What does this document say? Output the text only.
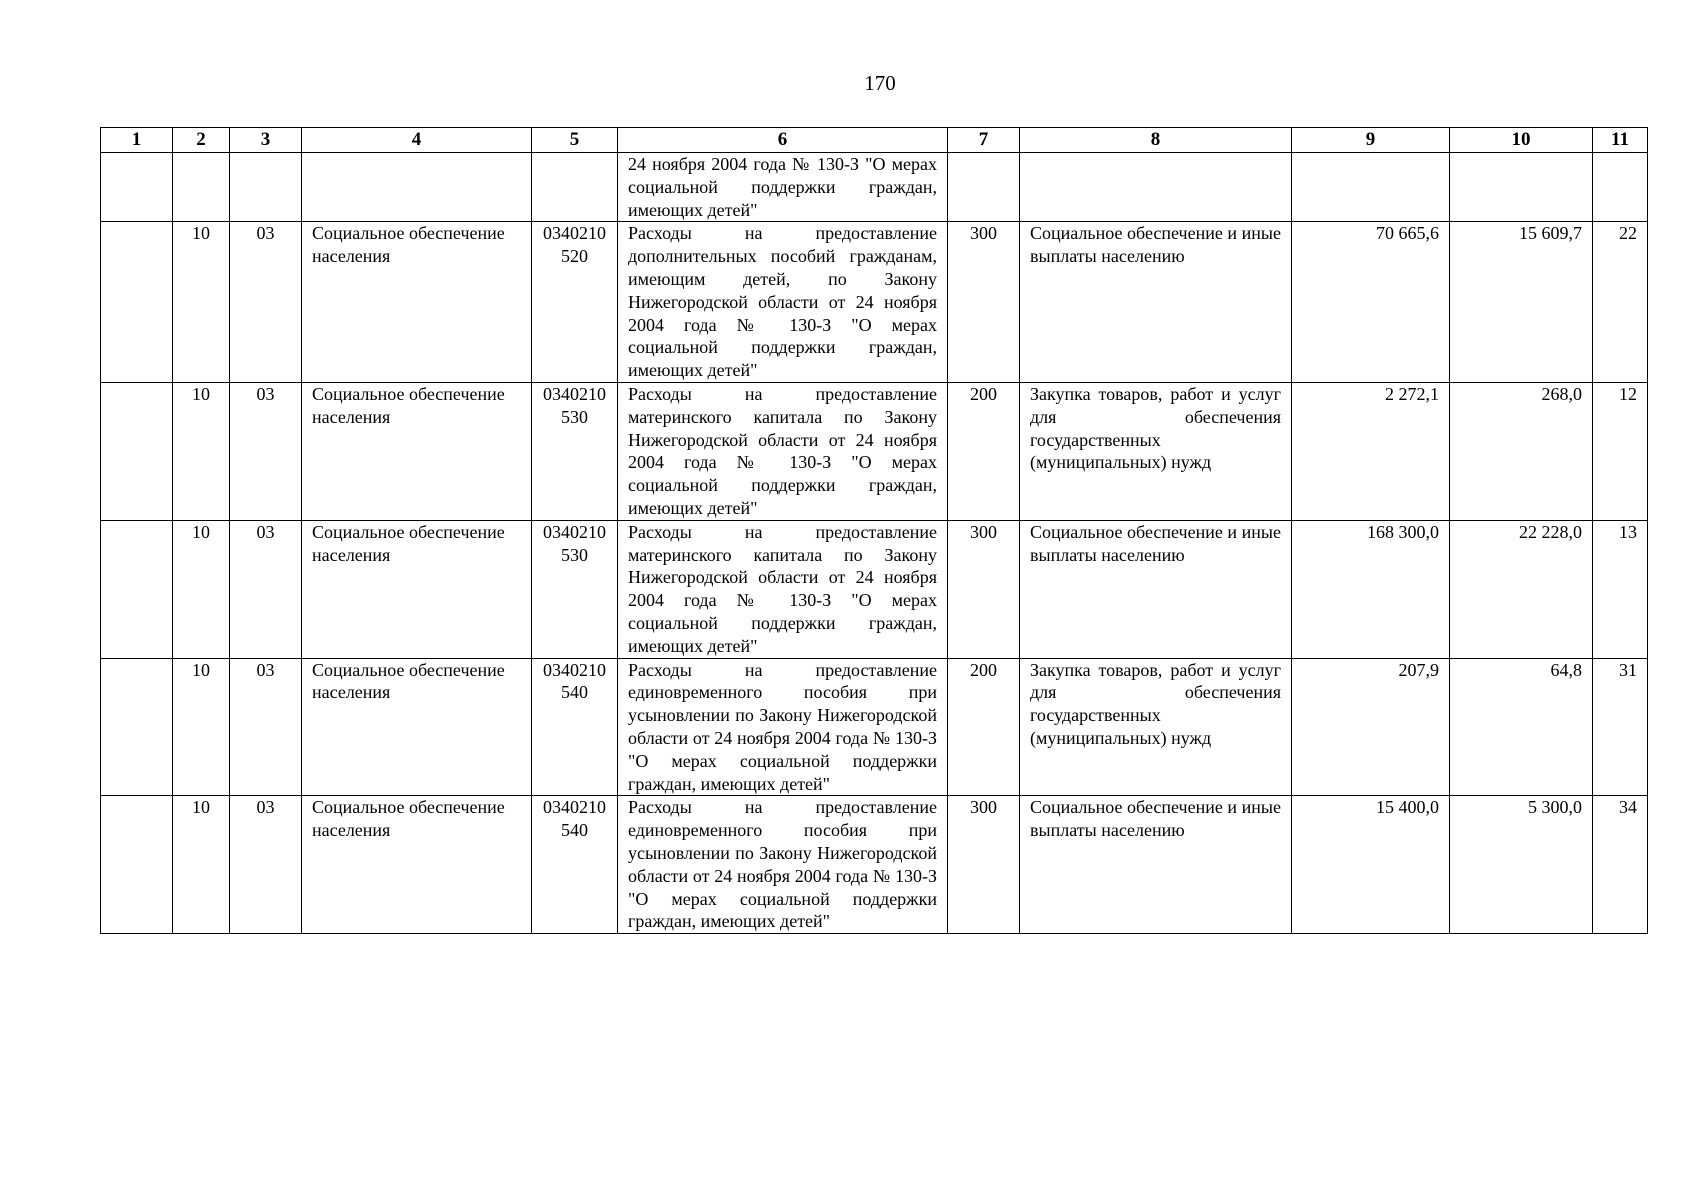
170
1	2	3	4	5	6	7	8	9	10	11
					24 ноября 2004 года № 130-З "О мерах социальной поддержки граждан, имеющих детей"					
	10	03	Социальное обеспечение населения	0340210520	Расходы на предоставление дополнительных пособий гражданам, имеющим детей, по Закону Нижегородской области от 24 ноября 2004 года № 130-З "О мерах социальной поддержки граждан, имеющих детей"	300	Социальное обеспечение и иные выплаты населению	70 665,6	15 609,7	22
	10	03	Социальное обеспечение населения	0340210530	Расходы на предоставление материнского капитала по Закону Нижегородской области от 24 ноября 2004 года № 130-З "О мерах социальной поддержки граждан, имеющих детей"	200	Закупка товаров, работ и услуг для обеспечения государственных (муниципальных) нужд	2 272,1	268,0	12
	10	03	Социальное обеспечение населения	0340210530	Расходы на предоставление материнского капитала по Закону Нижегородской области от 24 ноября 2004 года № 130-З "О мерах социальной поддержки граждан, имеющих детей"	300	Социальное обеспечение и иные выплаты населению	168 300,0	22 228,0	13
	10	03	Социальное обеспечение населения	0340210540	Расходы на предоставление единовременного пособия при усыновлении по Закону Нижегородской области от 24 ноября 2004 года № 130-З "О мерах социальной поддержки граждан, имеющих детей"	200	Закупка товаров, работ и услуг для обеспечения государственных (муниципальных) нужд	207,9	64,8	31
	10	03	Социальное обеспечение населения	0340210540	Расходы на предоставление единовременного пособия при усыновлении по Закону Нижегородской области от 24 ноября 2004 года № 130-З "О мерах социальной поддержки граждан, имеющих детей"	300	Социальное обеспечение и иные выплаты населению	15 400,0	5 300,0	34
